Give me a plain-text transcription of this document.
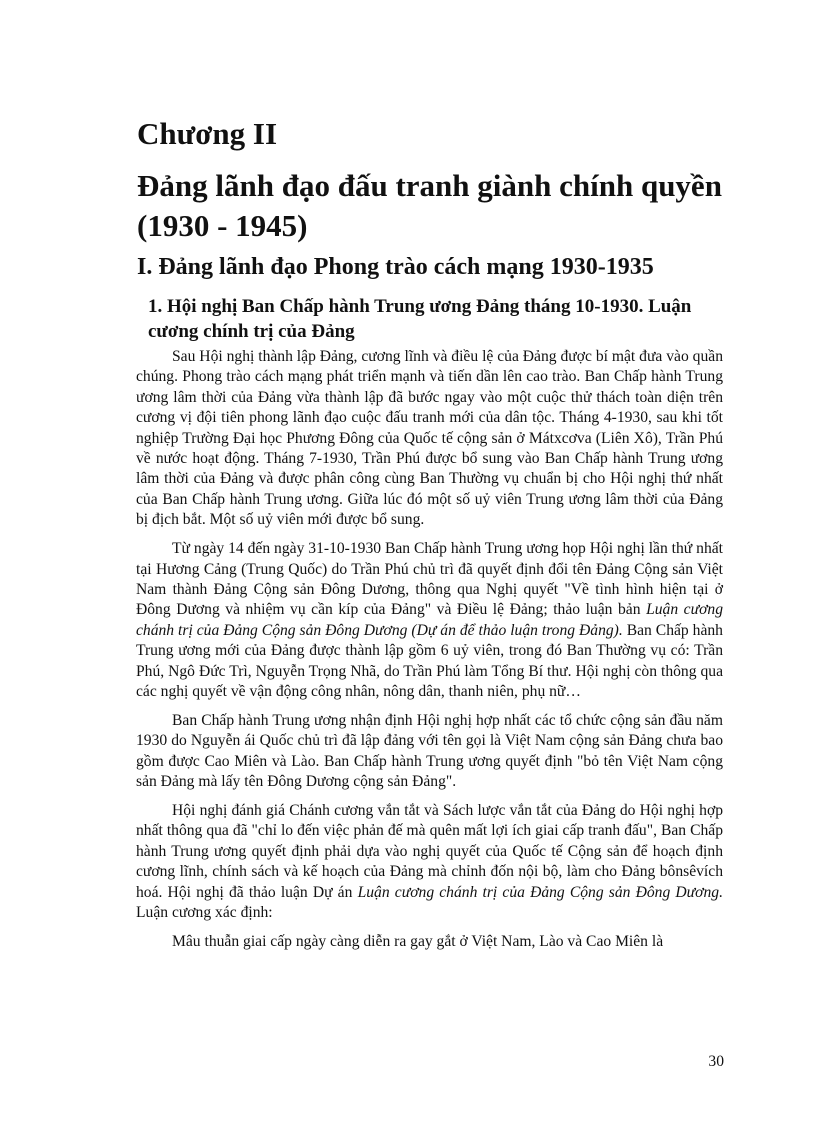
Chương II
Đảng lãnh đạo đấu tranh giành chính quyền (1930 - 1945)
I. Đảng lãnh đạo Phong trào cách mạng 1930-1935
1. Hội nghị Ban Chấp hành Trung ương Đảng tháng 10-1930. Luận cương chính trị của Đảng

Sau Hội nghị thành lập Đảng, cương lĩnh và điều lệ của Đảng được bí mật đưa vào quần chúng. Phong trào cách mạng phát triển mạnh và tiến dần lên cao trào. Ban Chấp hành Trung ương lâm thời của Đảng vừa thành lập đã bước ngay vào một cuộc thử thách toàn diện trên cương vị đội tiên phong lãnh đạo cuộc đấu tranh mới của dân tộc. Tháng 4-1930, sau khi tốt nghiệp Trường Đại học Phương Đông của Quốc tế cộng sản ở Mátxcơva (Liên Xô), Trần Phú về nước hoạt động. Tháng 7-1930, Trần Phú được bổ sung vào Ban Chấp hành Trung ương lâm thời của Đảng và được phân công cùng Ban Thường vụ chuẩn bị cho Hội nghị thứ nhất của Ban Chấp hành Trung ương. Giữa lúc đó một số uỷ viên Trung ương lâm thời của Đảng bị địch bắt. Một số uỷ viên mới được bổ sung.

Từ ngày 14 đến ngày 31-10-1930 Ban Chấp hành Trung ương họp Hội nghị lần thứ nhất tại Hương Cảng (Trung Quốc) do Trần Phú chủ trì đã quyết định đổi tên Đảng Cộng sản Việt Nam thành Đảng Cộng sản Đông Dương, thông qua Nghị quyết "Về tình hình hiện tại ở Đông Dương và nhiệm vụ cần kíp của Đảng" và Điều lệ Đảng; thảo luận bản Luận cương chánh trị của Đảng Cộng sản Đông Dương (Dự án để thảo luận trong Đảng). Ban Chấp hành Trung ương mới của Đảng được thành lập gồm 6 uỷ viên, trong đó Ban Thường vụ có: Trần Phú, Ngô Đức Trì, Nguyễn Trọng Nhã, do Trần Phú làm Tổng Bí thư. Hội nghị còn thông qua các nghị quyết về vận động công nhân, nông dân, thanh niên, phụ nữ…

Ban Chấp hành Trung ương nhận định Hội nghị hợp nhất các tổ chức cộng sản đầu năm 1930 do Nguyễn ái Quốc chủ trì đã lập đảng với tên gọi là Việt Nam cộng sản Đảng chưa bao gồm được Cao Miên và Lào. Ban Chấp hành Trung ương quyết định "bỏ tên Việt Nam cộng sản Đảng mà lấy tên Đông Dương cộng sản Đảng".

Hội nghị đánh giá Chánh cương vắn tắt và Sách lược vắn tắt của Đảng do Hội nghị hợp nhất thông qua đã "chỉ lo đến việc phản đế mà quên mất lợi ích giai cấp tranh đấu", Ban Chấp hành Trung ương quyết định phải dựa vào nghị quyết của Quốc tế Cộng sản để hoạch định cương lĩnh, chính sách và kế hoạch của Đảng mà chỉnh đốn nội bộ, làm cho Đảng bônsêvích hoá. Hội nghị đã thảo luận Dự án Luận cương chánh trị của Đảng Cộng sản Đông Dương. Luận cương xác định:

Mâu thuẫn giai cấp ngày càng diễn ra gay gắt ở Việt Nam, Lào và Cao Miên là

30
